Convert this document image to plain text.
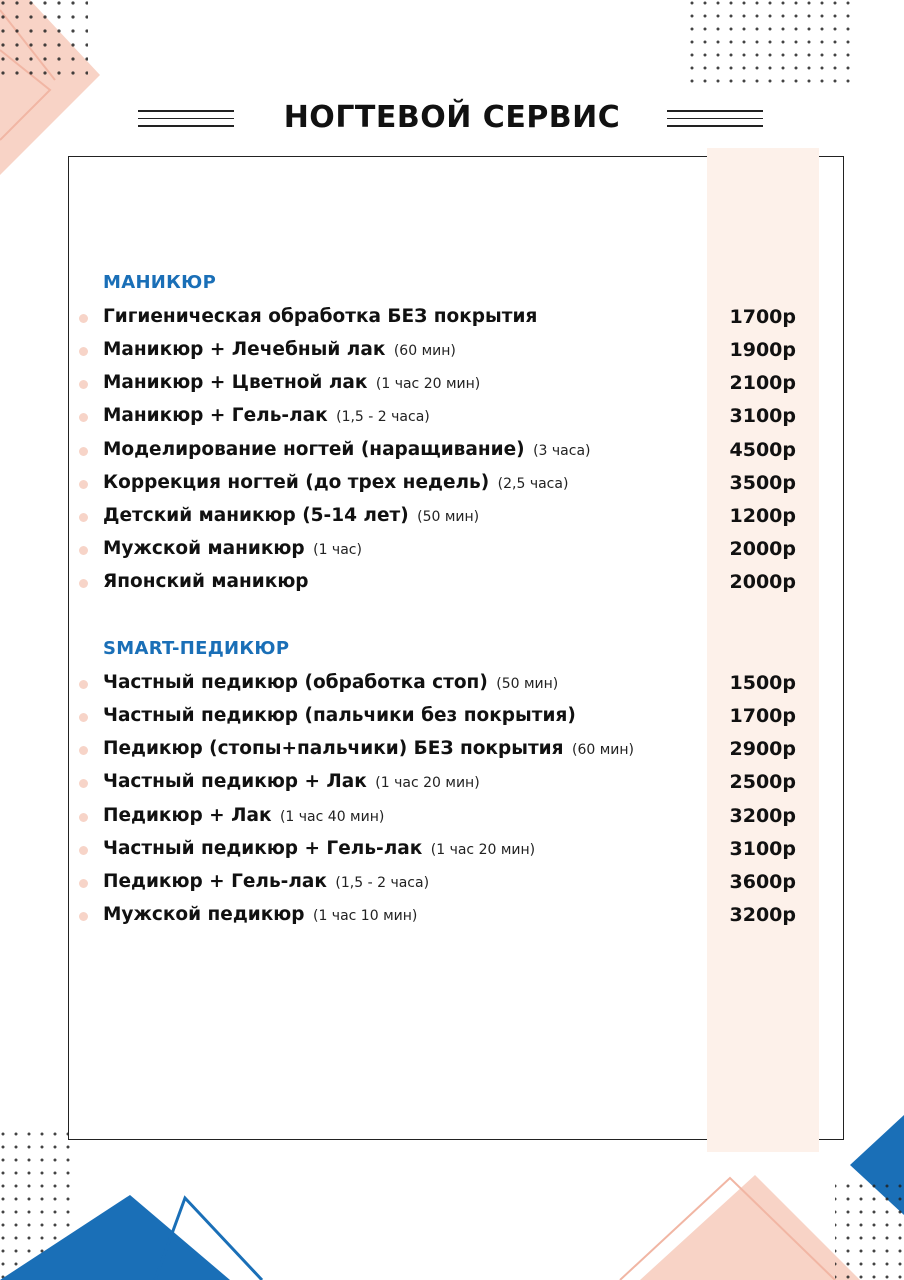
НОГТЕВОЙ СЕРВИС
МАНИКЮР
Гигиеническая обработка БЕЗ покрытия	1700р
Маникюр + Лечебный лак (60 мин)	1900р
Маникюр + Цветной лак (1 час 20 мин)	2100р
Маникюр + Гель-лак (1,5 - 2 часа)	3100р
Моделирование ногтей (наращивание) (3 часа)	4500р
Коррекция ногтей (до трех недель) (2,5 часа)	3500р
Детский маникюр (5-14 лет) (50 мин)	1200р
Мужской маникюр (1 час)	2000р
Японский маникюр	2000р
SMART-ПЕДИКЮР
Частный педикюр (обработка стоп) (50 мин)	1500р
Частный педикюр (пальчики без покрытия)	1700р
Педикюр (стопы+пальчики) БЕЗ покрытия (60 мин)	2900р
Частный педикюр + Лак (1 час 20 мин)	2500р
Педикюр + Лак (1 час 40 мин)	3200р
Частный педикюр + Гель-лак (1 час 20 мин)	3100р
Педикюр + Гель-лак (1,5 - 2 часа)	3600р
Мужской педикюр (1 час 10 мин)	3200р
